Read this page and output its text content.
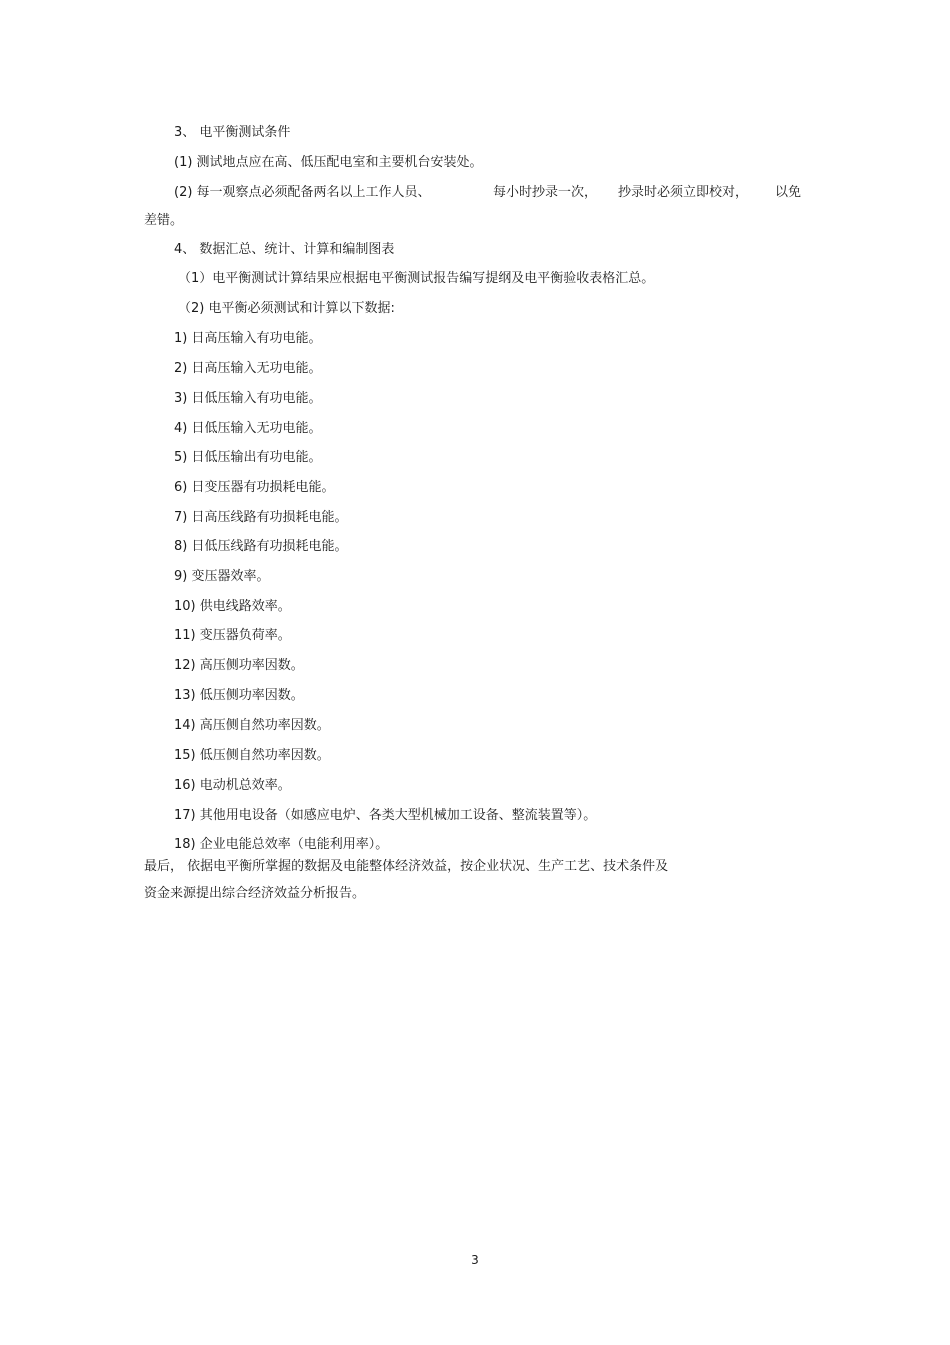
3、 电平衡测试条件
(1) 测试地点应在高、低压配电室和主要机台安装处。
(2) 每一观察点必须配备两名以上工作人员、	每小时抄录一次， 抄录时必须立即校对， 以免
差错。
4、 数据汇总、统计、计算和编制图表
（1）电平衡测试计算结果应根据电平衡测试报告编写提纲及电平衡验收表格汇总。
（2) 电平衡必须测试和计算以下数据:
1) 日高压输入有功电能。
2) 日高压输入无功电能。
3) 日低压输入有功电能。
4) 日低压输入无功电能。
5) 日低压输出有功电能。
6) 日变压器有功损耗电能。
7) 日高压线路有功损耗电能。
8) 日低压线路有功损耗电能。
9) 变压器效率。
10) 供电线路效率。
11) 变压器负荷率。
12) 高压侧功率因数。
13) 低压侧功率因数。
14) 高压侧自然功率因数。
15) 低压侧自然功率因数。
16) 电动机总效率。
17) 其他用电设备（如感应电炉、各类大型机械加工设备、整流装置等）。
18) 企业电能总效率（电能利用率）。
最后， 依据电平衡所掌握的数据及电能整体经济效益，按企业状况、生产工艺、技术条件及
资金来源提出综合经济效益分析报告。
3
